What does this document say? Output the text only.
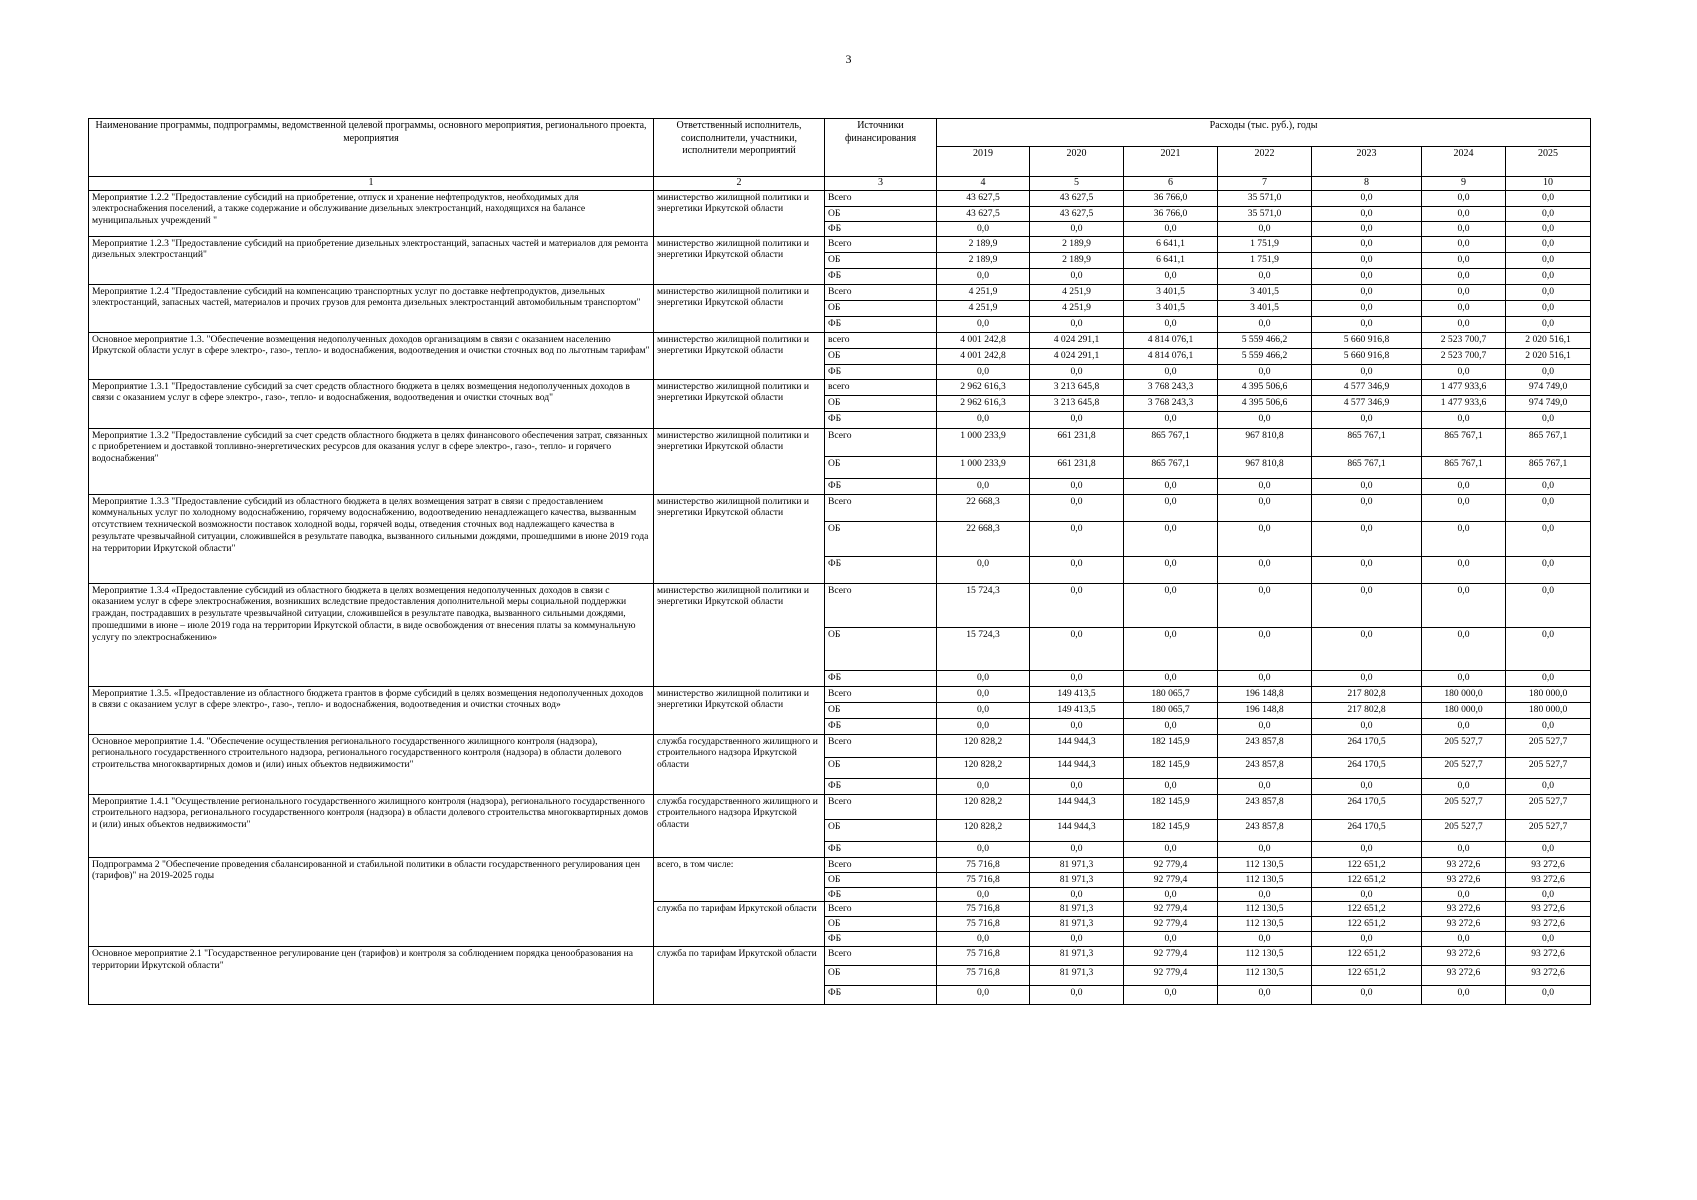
3
Наименование программы, подпрограммы, ведомственной целевой программы, основного мероприятия, регионального проекта, мероприятия	Ответственный исполнитель, соисполнители, участники, исполнители мероприятий	Источники финансирования	Расходы (тыс. руб.), годы						
			2019	2020	2021	2022	2023	2024	2025
1	2	3	4	5	6	7	8	9	10
Мероприятие 1.2.2 "Предоставление субсидий на приобретение, отпуск и хранение нефтепродуктов, необходимых для электроснабжения поселений, а также содержание и обслуживание дизельных электростанций, находящихся на балансе муниципальных учреждений "	министерство жилищной политики и энергетики Иркутской области	Всего	43 627,5	43 627,5	36 766,0	35 571,0	0,0	0,0	0,0
		ОБ	43 627,5	43 627,5	36 766,0	35 571,0	0,0	0,0	0,0
		ФБ	0,0	0,0	0,0	0,0	0,0	0,0	0,0
Мероприятие 1.2.3 "Предоставление субсидий на приобретение дизельных электростанций, запасных частей и материалов для ремонта дизельных электростанций"	министерство жилищной политики и энергетики Иркутской области	Всего	2 189,9	2 189,9	6 641,1	1 751,9	0,0	0,0	0,0
		ОБ	2 189,9	2 189,9	6 641,1	1 751,9	0,0	0,0	0,0
		ФБ	0,0	0,0	0,0	0,0	0,0	0,0	0,0
Мероприятие 1.2.4 "Предоставление субсидий на компенсацию транспортных услуг по доставке нефтепродуктов, дизельных электростанций, запасных частей, материалов и прочих грузов для ремонта дизельных электростанций автомобильным транспортом"	министерство жилищной политики и энергетики Иркутской области	Всего	4 251,9	4 251,9	3 401,5	3 401,5	0,0	0,0	0,0
		ОБ	4 251,9	4 251,9	3 401,5	3 401,5	0,0	0,0	0,0
		ФБ	0,0	0,0	0,0	0,0	0,0	0,0	0,0
Основное мероприятие 1.3. "Обеспечение возмещения недополученных доходов организациям в связи с оказанием населению Иркутской области услуг в сфере электро-, газо-, тепло- и водоснабжения, водоотведения и очистки сточных вод по льготным тарифам"	министерство жилищной политики и энергетики Иркутской области	всего	4 001 242,8	4 024 291,1	4 814 076,1	5 559 466,2	5 660 916,8	2 523 700,7	2 020 516,1
		ОБ	4 001 242,8	4 024 291,1	4 814 076,1	5 559 466,2	5 660 916,8	2 523 700,7	2 020 516,1
		ФБ	0,0	0,0	0,0	0,0	0,0	0,0	0,0
Мероприятие 1.3.1 "Предоставление субсидий за счет средств областного бюджета в целях возмещения недополученных доходов в связи с оказанием услуг в сфере электро-, газо-, тепло- и водоснабжения, водоотведения и очистки сточных вод"	министерство жилищной политики и энергетики Иркутской области	всего	2 962 616,3	3 213 645,8	3 768 243,3	4 395 506,6	4 577 346,9	1 477 933,6	974 749,0
		ОБ	2 962 616,3	3 213 645,8	3 768 243,3	4 395 506,6	4 577 346,9	1 477 933,6	974 749,0
		ФБ	0,0	0,0	0,0	0,0	0,0	0,0	0,0
Мероприятие 1.3.2 "Предоставление субсидий за счет средств областного бюджета в целях финансового обеспечения затрат, связанных с приобретением и доставкой топливно-энергетических ресурсов для оказания услуг в сфере электро-, газо-, тепло- и горячего водоснабжения"	министерство жилищной политики и энергетики Иркутской области	Всего	1 000 233,9	661 231,8	865 767,1	967 810,8	865 767,1	865 767,1	865 767,1
		ОБ	1 000 233,9	661 231,8	865 767,1	967 810,8	865 767,1	865 767,1	865 767,1
		ФБ	0,0	0,0	0,0	0,0	0,0	0,0	0,0
Мероприятие 1.3.3 "Предоставление субсидий из областного бюджета в целях возмещения затрат в связи с предоставлением коммунальных услуг по холодному водоснабжению, горячему водоснабжению, водоотведению ненадлежащего качества, вызванным отсутствием технической возможности поставок холодной воды, горячей воды, отведения сточных вод надлежащего качества в результате чрезвычайной ситуации, сложившейся в результате паводка, вызванного сильными дождями, прошедшими в июне 2019 года на территории Иркутской области"	министерство жилищной политики и энергетики Иркутской области	Всего	22 668,3	0,0	0,0	0,0	0,0	0,0	0,0
		ОБ	22 668,3	0,0	0,0	0,0	0,0	0,0	0,0
		ФБ	0,0	0,0	0,0	0,0	0,0	0,0	0,0
Мероприятие 1.3.4 «Предоставление субсидий из областного бюджета в целях возмещения недополученных доходов в связи с оказанием услуг в сфере электроснабжения, возникших вследствие предоставления дополнительной меры социальной поддержки граждан, пострадавших в результате чрезвычайной ситуации, сложившейся в результате паводка, вызванного сильными дождями, прошедшими в июне – июле 2019 года на территории Иркутской области, в виде освобождения от внесения платы за коммунальную услугу по электроснабжению»	министерство жилищной политики и энергетики Иркутской области	Всего	15 724,3	0,0	0,0	0,0	0,0	0,0	0,0
		ОБ	15 724,3	0,0	0,0	0,0	0,0	0,0	0,0
		ФБ	0,0	0,0	0,0	0,0	0,0	0,0	0,0
Мероприятие 1.3.5. «Предоставление из областного бюджета грантов в форме субсидий в целях возмещения недополученных доходов в связи с оказанием услуг в сфере электро-, газо-, тепло- и водоснабжения, водоотведения и очистки сточных вод»	министерство жилищной политики и энергетики Иркутской области	Всего	0,0	149 413,5	180 065,7	196 148,8	217 802,8	180 000,0	180 000,0
		ОБ	0,0	149 413,5	180 065,7	196 148,8	217 802,8	180 000,0	180 000,0
		ФБ	0,0	0,0	0,0	0,0	0,0	0,0	0,0
Основное мероприятие 1.4. "Обеспечение осуществления регионального государственного жилищного контроля (надзора), регионального государственного строительного надзора, регионального государственного контроля (надзора) в области долевого строительства многоквартирных домов и (или) иных объектов недвижимости"	служба государственного жилищного и строительного надзора Иркутской области	Всего	120 828,2	144 944,3	182 145,9	243 857,8	264 170,5	205 527,7	205 527,7
		ОБ	120 828,2	144 944,3	182 145,9	243 857,8	264 170,5	205 527,7	205 527,7
		ФБ	0,0	0,0	0,0	0,0	0,0	0,0	0,0
Мероприятие 1.4.1 "Осуществление регионального государственного жилищного контроля (надзора), регионального государственного строительного надзора, регионального государственного контроля (надзора) в области долевого строительства многоквартирных домов и (или) иных объектов недвижимости"	служба государственного жилищного и строительного надзора Иркутской области	Всего	120 828,2	144 944,3	182 145,9	243 857,8	264 170,5	205 527,7	205 527,7
		ОБ	120 828,2	144 944,3	182 145,9	243 857,8	264 170,5	205 527,7	205 527,7
		ФБ	0,0	0,0	0,0	0,0	0,0	0,0	0,0
Подпрограмма 2 "Обеспечение проведения сбалансированной и стабильной политики в области государственного регулирования цен (тарифов)" на 2019-2025 годы	всего, в том числе:	Всего	75 716,8	81 971,3	92 779,4	112 130,5	122 651,2	93 272,6	93 272,6
		ОБ	75 716,8	81 971,3	92 779,4	112 130,5	122 651,2	93 272,6	93 272,6
		ФБ	0,0	0,0	0,0	0,0	0,0	0,0	0,0
	служба по тарифам Иркутской области	Всего	75 716,8	81 971,3	92 779,4	112 130,5	122 651,2	93 272,6	93 272,6
		ОБ	75 716,8	81 971,3	92 779,4	112 130,5	122 651,2	93 272,6	93 272,6
		ФБ	0,0	0,0	0,0	0,0	0,0	0,0	0,0
Основное мероприятие 2.1 "Государственное регулирование цен (тарифов) и контроля за соблюдением порядка ценообразования на территории Иркутской области"	служба по тарифам Иркутской области	Всего	75 716,8	81 971,3	92 779,4	112 130,5	122 651,2	93 272,6	93 272,6
		ОБ	75 716,8	81 971,3	92 779,4	112 130,5	122 651,2	93 272,6	93 272,6
		ФБ	0,0	0,0	0,0	0,0	0,0	0,0	0,0
